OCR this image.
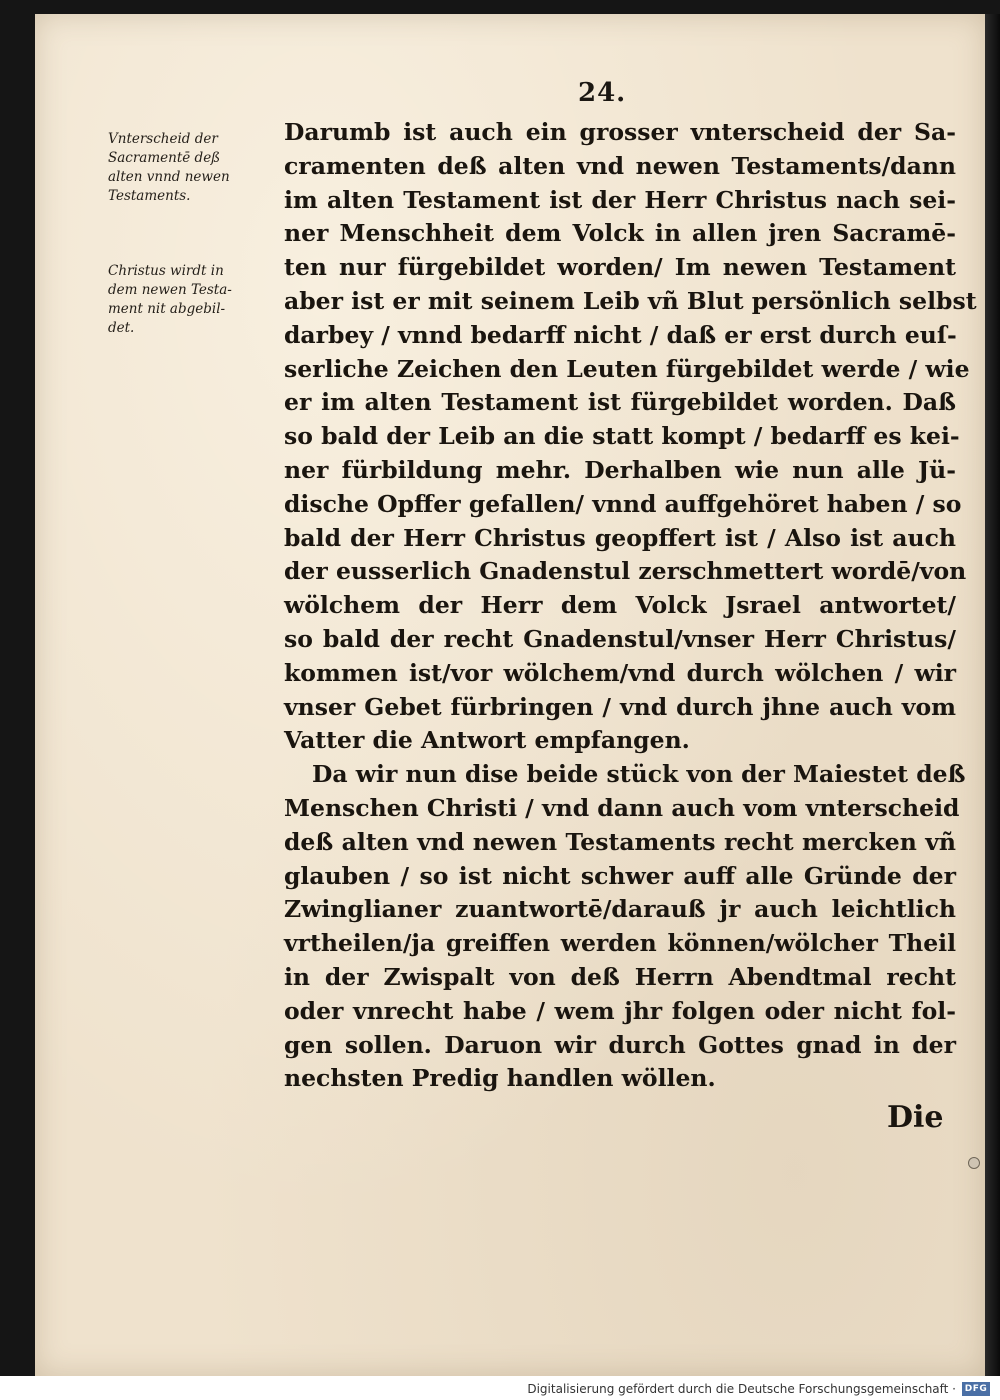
24.
Vnterscheid der
Sacramentē deß
alten vnnd newen
Testaments.
Christus wirdt in
dem newen Testa-
ment nit abgebil-
det.
Darumb ist auch ein grosser vnterscheid der Sa-
cramenten deß alten vnd newen Testaments/dann
im alten Testament ist der Herr Christus nach sei-
ner Menschheit dem Volck in allen jren Sacramē-
ten nur fürgebildet worden/ Im newen Testament
aber ist er mit seinem Leib vñ Blut persönlich selbst
darbey / vnnd bedarff nicht / daß er erst durch euſ-
serliche Zeichen den Leuten fürgebildet werde / wie
er im alten Testament ist fürgebildet worden. Daß
so bald der Leib an die statt kompt / bedarff es kei-
ner fürbildung mehr. Derhalben wie nun alle Jü-
dische Opffer gefallen/ vnnd auffgehöret haben / so
bald der Herr Christus geopffert ist / Also ist auch
der eusserlich Gnadenstul zerschmettert wordē/von
wölchem der Herr dem Volck Jsrael antwortet/
so bald der recht Gnadenstul/vnser Herr Christus/
kommen ist/vor wölchem/vnd durch wölchen / wir
vnser Gebet fürbringen / vnd durch jhne auch vom
Vatter die Antwort empfangen.
Da wir nun dise beide stück von der Maiestet deß
Menschen Christi / vnd dann auch vom vnterscheid
deß alten vnd newen Testaments recht mercken vñ
glauben / so ist nicht schwer auff alle Gründe der
Zwinglianer zuantwortē/darauß jr auch leichtlich
vrtheilen/ja greiffen werden können/wölcher Theil
in der Zwispalt von deß Herrn Abendtmal recht
oder vnrecht habe / wem jhr folgen oder nicht fol-
gen sollen. Daruon wir durch Gottes gnad in der
nechsten Predig handlen wöllen.
Die
Digitalisierung gefördert durch die Deutsche Forschungsgemeinschaft · DFG
